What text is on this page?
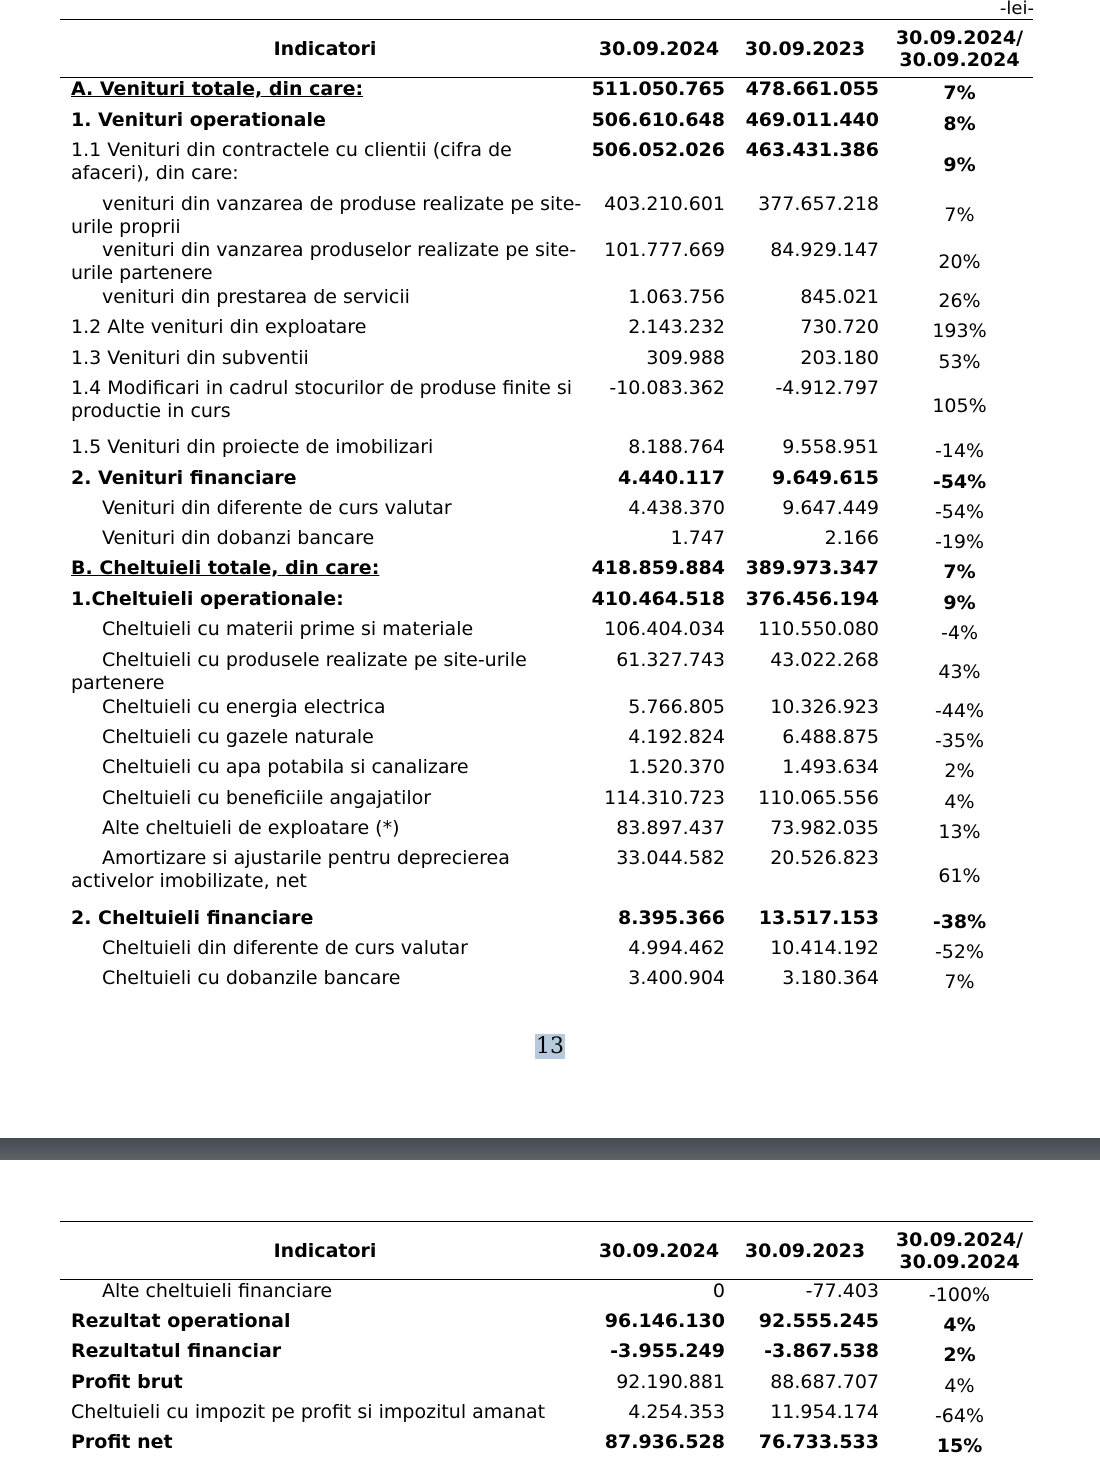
-lei-
Indicatori	30.09.2024	30.09.2023	30.09.2024/
30.09.2024
A. Venituri totale, din care:	511.050.765	478.661.055	7%
1. Venituri operationale	506.610.648	469.011.440	8%
1.1 Venituri din contractele cu clientii (cifra de afaceri), din care:	506.052.026	463.431.386	9%
venituri din vanzarea de produse realizate pe site-urile proprii	403.210.601	377.657.218	7%
venituri din vanzarea produselor realizate pe site-urile partenere	101.777.669	84.929.147	20%
venituri din prestarea de servicii	1.063.756	845.021	26%
1.2 Alte venituri din exploatare	2.143.232	730.720	193%
1.3 Venituri din subventii	309.988	203.180	53%
1.4 Modificari in cadrul stocurilor de produse finite si productie in curs	-10.083.362	-4.912.797	105%
1.5 Venituri din proiecte de imobilizari	8.188.764	9.558.951	-14%
2. Venituri financiare	4.440.117	9.649.615	-54%
Venituri din diferente de curs valutar	4.438.370	9.647.449	-54%
Venituri din dobanzi bancare	1.747	2.166	-19%
B. Cheltuieli totale, din care:	418.859.884	389.973.347	7%
1.Cheltuieli operationale:	410.464.518	376.456.194	9%
Cheltuieli cu materii prime si materiale	106.404.034	110.550.080	-4%
Cheltuieli cu produsele realizate pe site-urile partenere	61.327.743	43.022.268	43%
Cheltuieli cu energia electrica	5.766.805	10.326.923	-44%
Cheltuieli cu gazele naturale	4.192.824	6.488.875	-35%
Cheltuieli cu apa potabila si canalizare	1.520.370	1.493.634	2%
Cheltuieli cu beneficiile angajatilor	114.310.723	110.065.556	4%
Alte cheltuieli de exploatare (*)	83.897.437	73.982.035	13%
Amortizare si ajustarile pentru deprecierea activelor imobilizate, net	33.044.582	20.526.823	61%
2. Cheltuieli financiare	8.395.366	13.517.153	-38%
Cheltuieli din diferente de curs valutar	4.994.462	10.414.192	-52%
Cheltuieli cu dobanzile bancare	3.400.904	3.180.364	7%
13
Indicatori	30.09.2024	30.09.2023	30.09.2024/
30.09.2024
Alte cheltuieli financiare	0	-77.403	-100%
Rezultat operational	96.146.130	92.555.245	4%
Rezultatul financiar	-3.955.249	-3.867.538	2%
Profit brut	92.190.881	88.687.707	4%
Cheltuieli cu impozit pe profit si impozitul amanat	4.254.353	11.954.174	-64%
Profit net	87.936.528	76.733.533	15%
